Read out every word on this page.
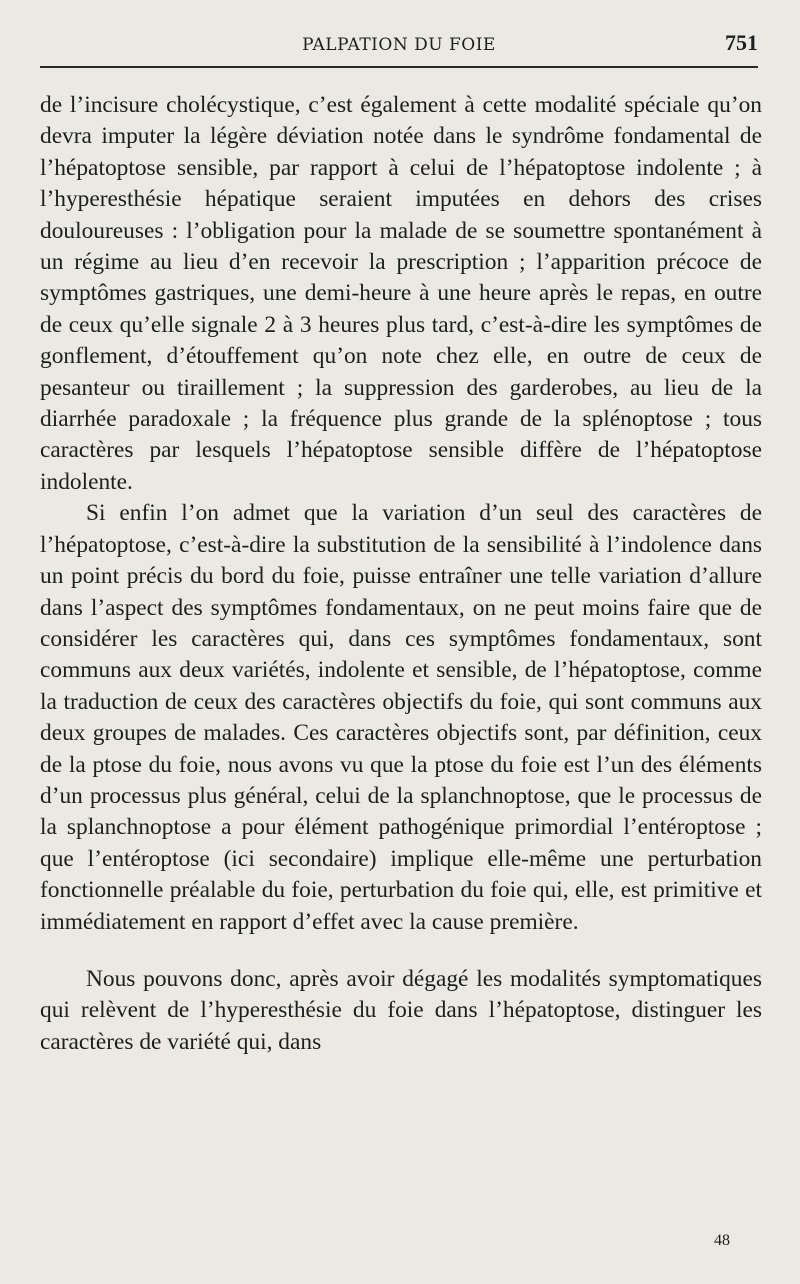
PALPATION DU FOIE	751

de l’incisure cholécystique, c’est également à cette modalité spéciale qu’on devra imputer la légère déviation notée dans le syndrôme fondamental de l’hépatoptose sensible, par rapport à celui de l’hépatoptose indolente ; à l’hyperesthésie hépatique seraient imputées en dehors des crises douloureuses : l’obligation pour la malade de se soumettre spontanément à un régime au lieu d’en recevoir la prescription ; l’apparition précoce de symptômes gastriques, une demi-heure à une heure après le repas, en outre de ceux qu’elle signale 2 à 3 heures plus tard, c’est-à-dire les symptômes de gonflement, d’étouffement qu’on note chez elle, en outre de ceux de pesanteur ou tiraillement ; la suppression des garderobes, au lieu de la diarrhée paradoxale ; la fréquence plus grande de la splénoptose ; tous caractères par lesquels l’hépatoptose sensible diffère de l’hépatoptose indolente.

Si enfin l’on admet que la variation d’un seul des caractères de l’hépatoptose, c’est-à-dire la substitution de la sensibilité à l’indolence dans un point précis du bord du foie, puisse entraîner une telle variation d’allure dans l’aspect des symptômes fondamentaux, on ne peut moins faire que de considérer les caractères qui, dans ces symptômes fondamentaux, sont communs aux deux variétés, indolente et sensible, de l’hépatoptose, comme la traduction de ceux des caractères objectifs du foie, qui sont communs aux deux groupes de malades. Ces caractères objectifs sont, par définition, ceux de la ptose du foie, nous avons vu que la ptose du foie est l’un des éléments d’un processus plus général, celui de la splanchnoptose, que le processus de la splanchnoptose a pour élément pathogénique primordial l’entéroptose ; que l’entéroptose (ici secondaire) implique elle-même une perturbation fonctionnelle préalable du foie, perturbation du foie qui, elle, est primitive et immédiatement en rapport d’effet avec la cause première.

Nous pouvons donc, après avoir dégagé les modalités symptomatiques qui relèvent de l’hyperesthésie du foie dans l’hépatoptose, distinguer les caractères de variété qui, dans

48
